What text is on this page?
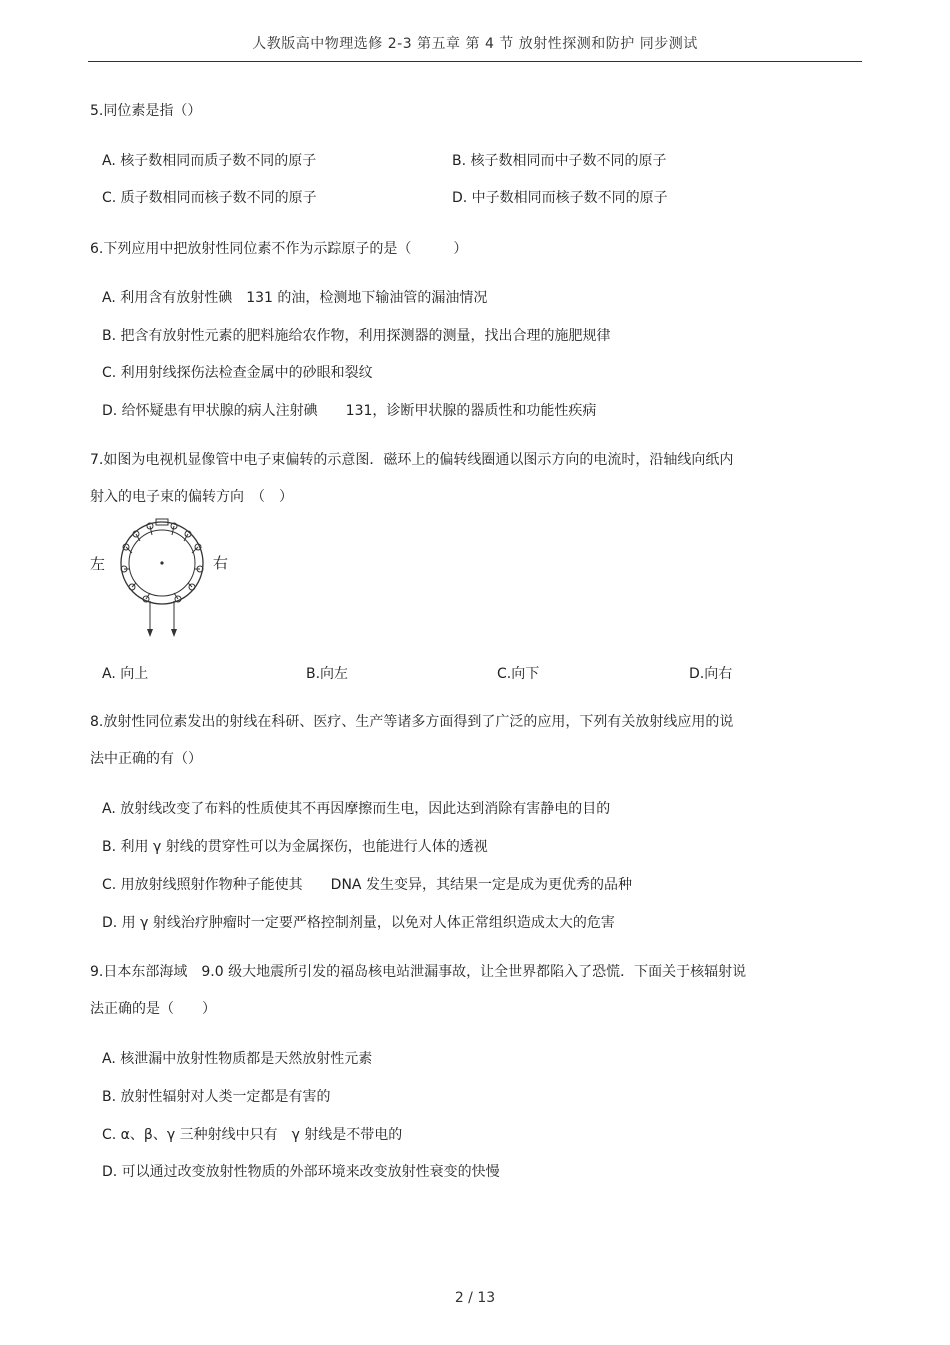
人教版高中物理选修 2-3 第五章 第 4 节 放射性探测和防护 同步测试
5.同位素是指（）
A. 核子数相同而质子数不同的原子	B. 核子数相同而中子数不同的原子
C. 质子数相同而核子数不同的原子	D. 中子数相同而核子数不同的原子
6.下列应用中把放射性同位素不作为示踪原子的是（　　　）
A. 利用含有放射性碘　131 的油，检测地下输油管的漏油情况
B. 把含有放射性元素的肥料施给农作物，利用探测器的测量，找出合理的施肥规律
C. 利用射线探伤法检查金属中的砂眼和裂纹
D. 给怀疑患有甲状腺的病人注射碘　　131，诊断甲状腺的器质性和功能性疾病
7.如图为电视机显像管中电子束偏转的示意图．磁环上的偏转线圈通以图示方向的电流时，沿轴线向纸内
射入的电子束的偏转方向　（　）
左	右
A. 向上	B.向左	C.向下	D.向右
8.放射性同位素发出的射线在科研、医疗、生产等诸多方面得到了广泛的应用，下列有关放射线应用的说
法中正确的有（）
A. 放射线改变了布料的性质使其不再因摩擦而生电，因此达到消除有害静电的目的
B. 利用 γ 射线的贯穿性可以为金属探伤，也能进行人体的透视
C. 用放射线照射作物种子能使其　　DNA 发生变异，其结果一定是成为更优秀的品种
D. 用 γ 射线治疗肿瘤时一定要严格控制剂量，以免对人体正常组织造成太大的危害
9.日本东部海域　9.0 级大地震所引发的福岛核电站泄漏事故，让全世界都陷入了恐慌．下面关于核辐射说
法正确的是（　　）
A. 核泄漏中放射性物质都是天然放射性元素
B. 放射性辐射对人类一定都是有害的
C. α、β、γ 三种射线中只有　γ 射线是不带电的
D. 可以通过改变放射性物质的外部环境来改变放射性衰变的快慢
2 / 13
